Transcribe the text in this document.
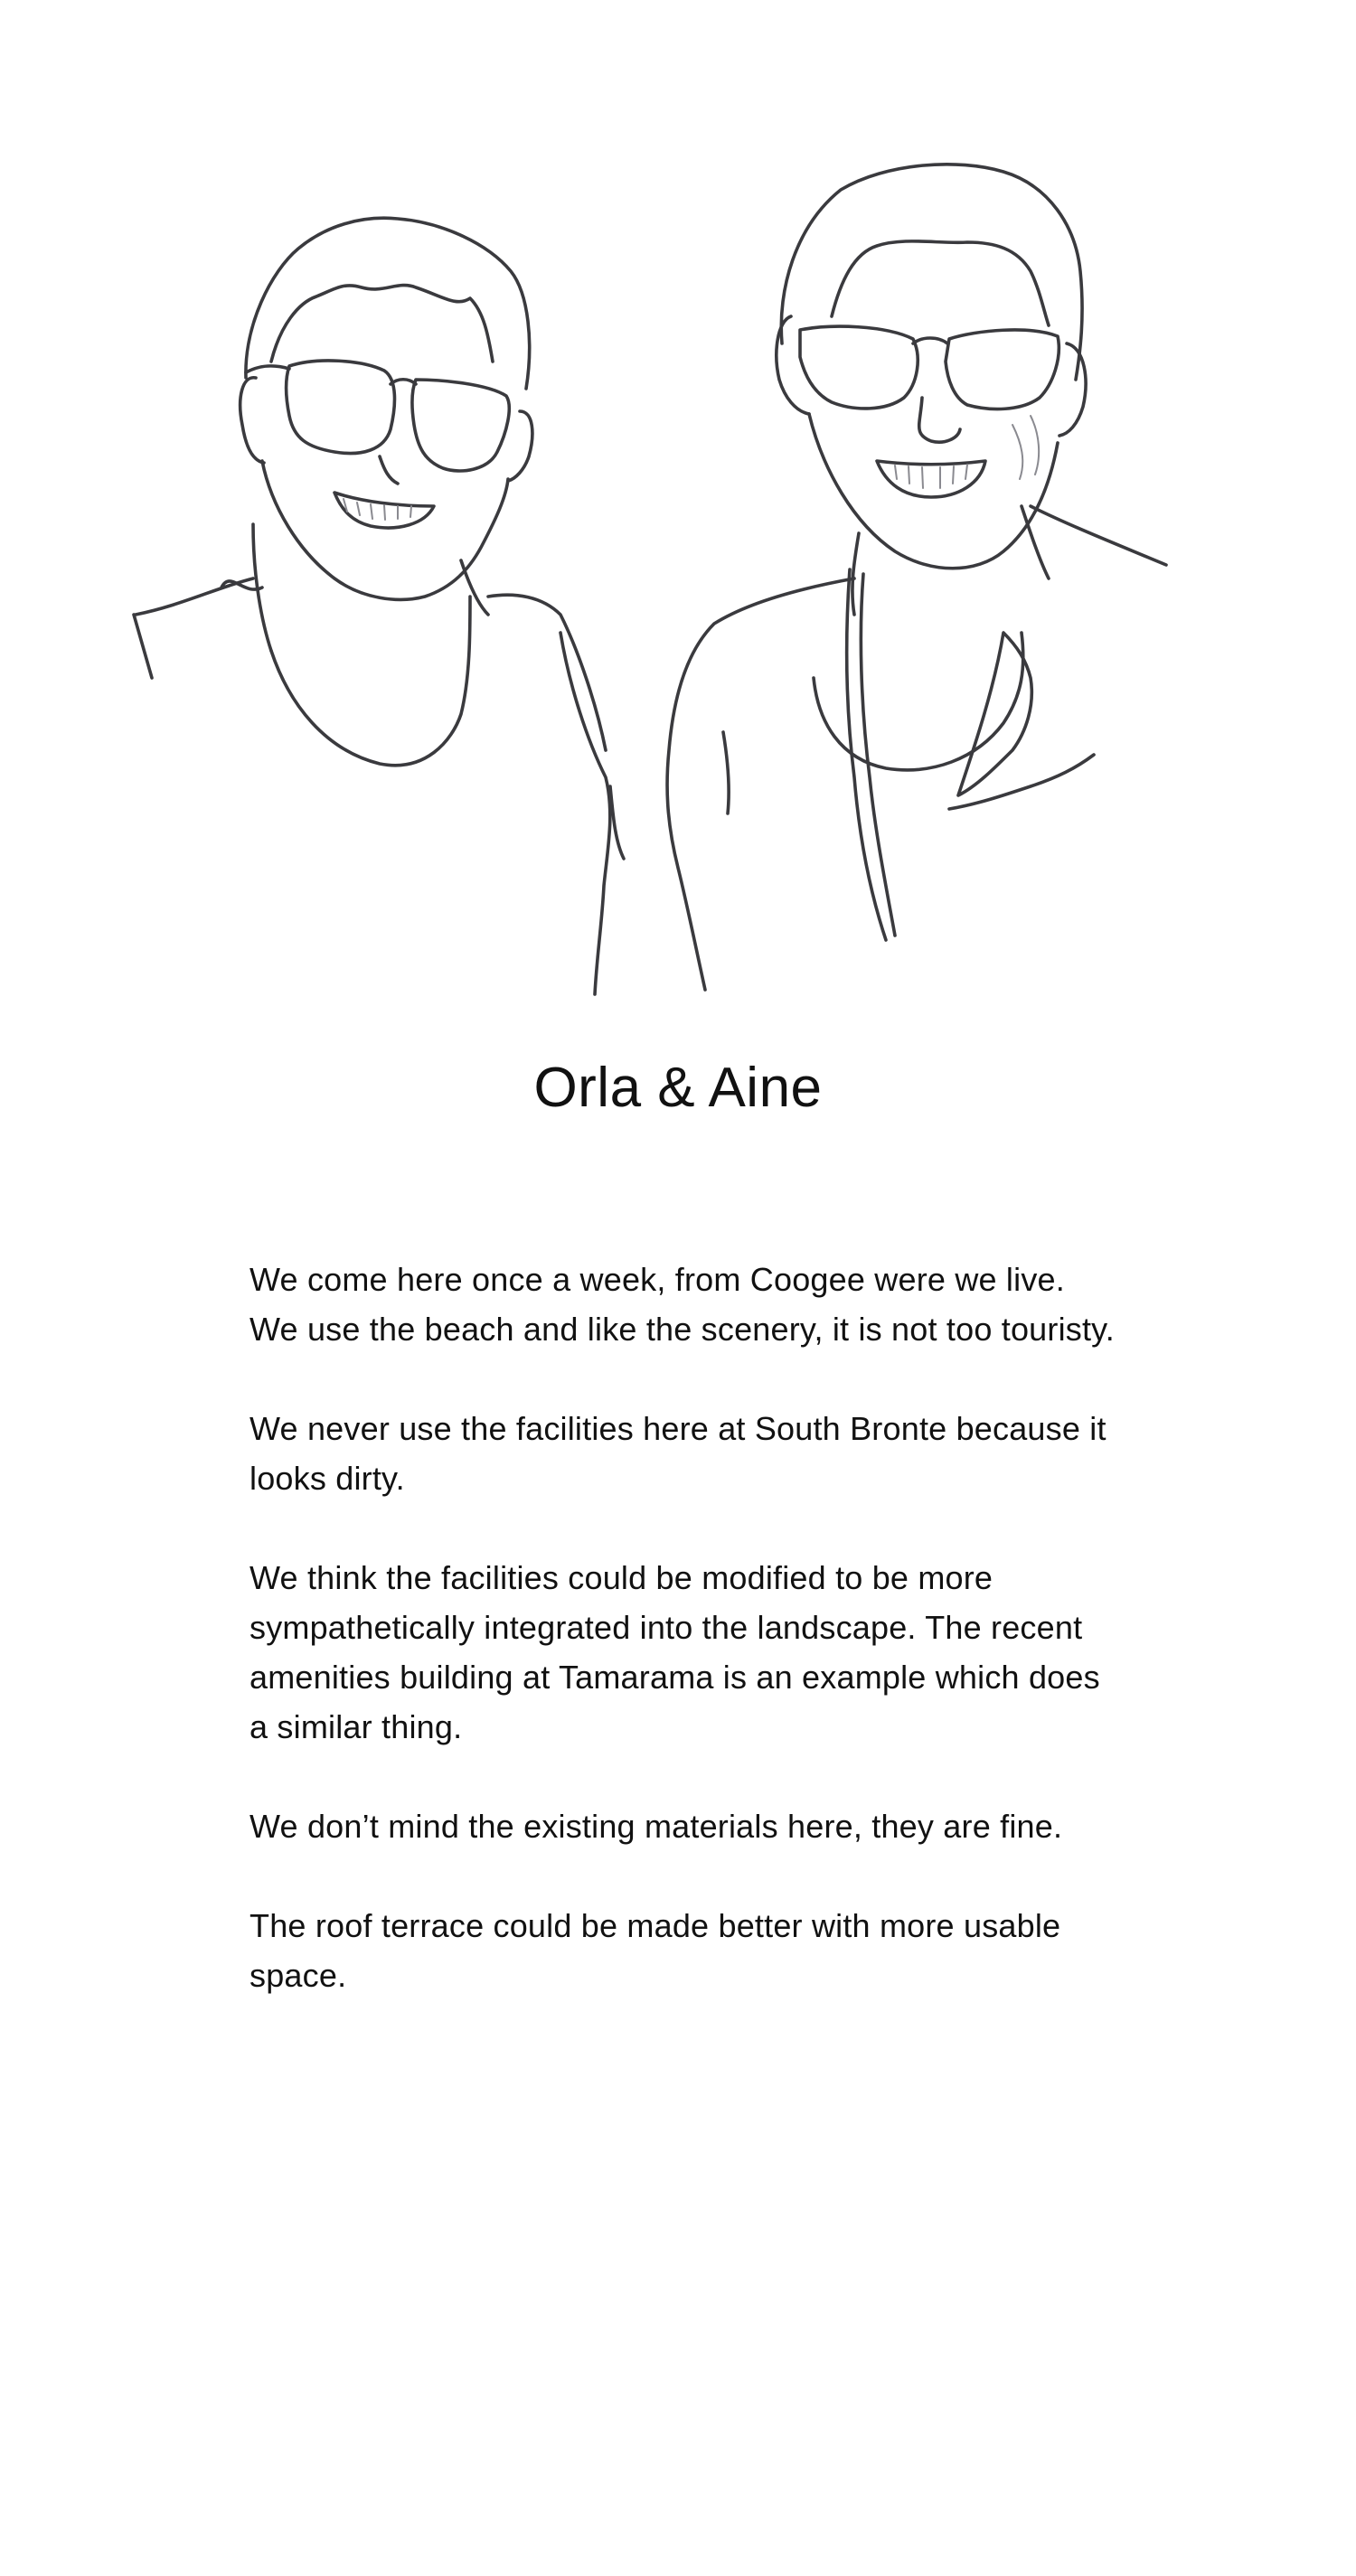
Orla & Aine

We come here once a week, from Coogee were we live. We use the beach and like the scenery, it is not too touristy.

We never use the facilities here at South Bronte because it looks dirty.

We think the facilities could be modified to be more sympathetically integrated into the landscape. The recent amenities building at Tamarama is an example which does a similar thing.

We don’t mind the existing materials here, they are fine.

The roof terrace could be made better with more usable space.
